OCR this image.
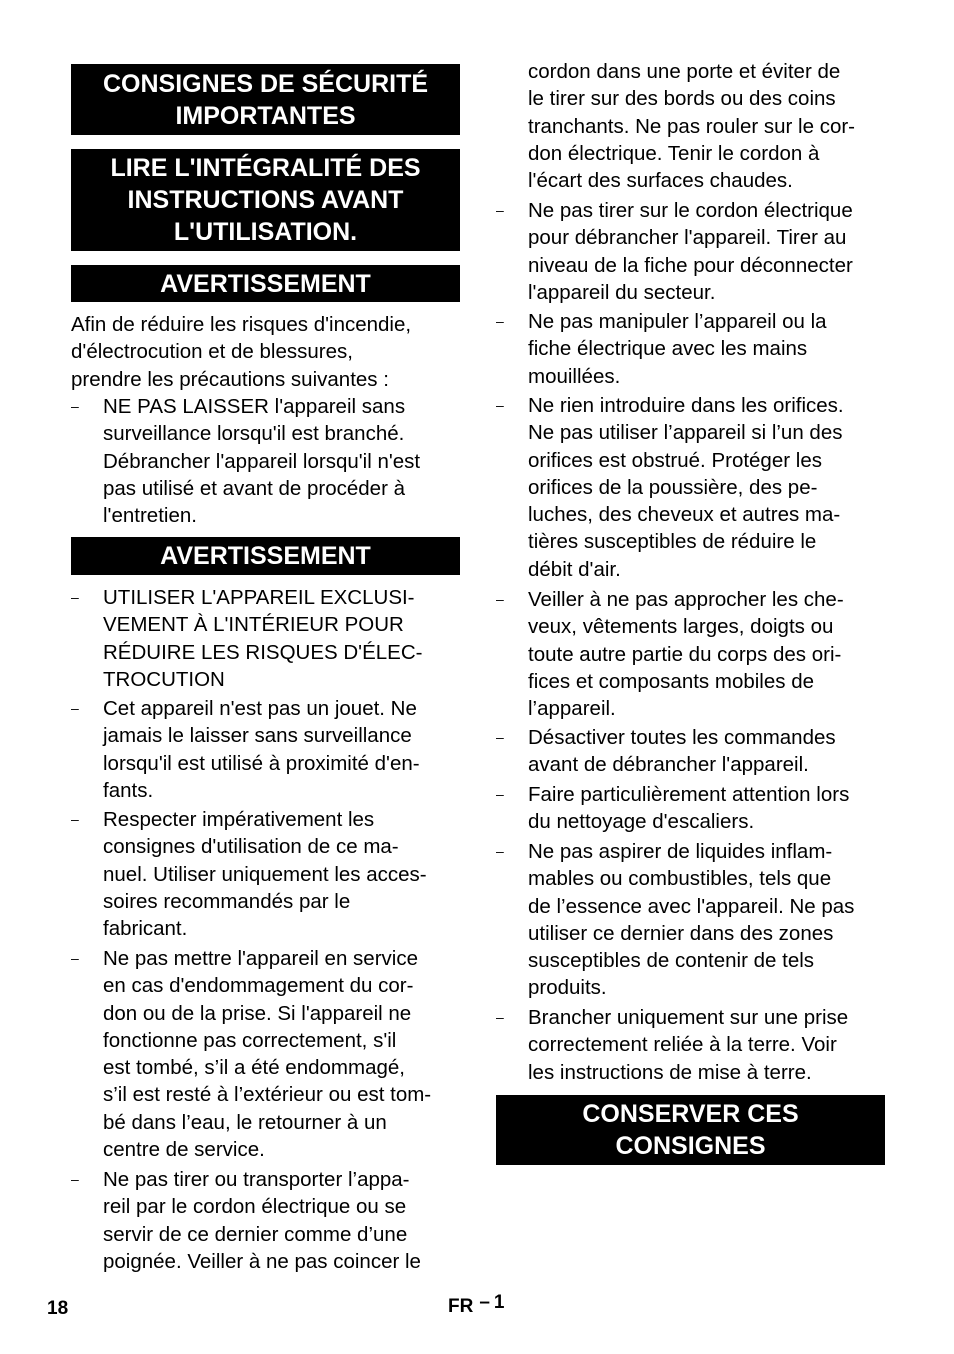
CONSIGNES DE SÉCURITÉ
IMPORTANTES
LIRE L'INTÉGRALITÉ DES
INSTRUCTIONS AVANT
L'UTILISATION.
AVERTISSEMENT
Afin de réduire les risques d'incendie,
d'électrocution et de blessures,
prendre les précautions suivantes :
–	NE PAS LAISSER l'appareil sans
surveillance lorsqu'il est branché.
Débrancher l'appareil lorsqu'il n'est
pas utilisé et avant de procéder à
l'entretien.
AVERTISSEMENT
–	UTILISER L'APPAREIL EXCLUSI-
VEMENT À L'INTÉRIEUR POUR
RÉDUIRE LES RISQUES D'ÉLEC-
TROCUTION
–	Cet appareil n'est pas un jouet. Ne
jamais le laisser sans surveillance
lorsqu'il est utilisé à proximité d'en-
fants.
–	Respecter impérativement les
consignes d'utilisation de ce ma-
nuel. Utiliser uniquement les acces-
soires recommandés par le
fabricant.
–	Ne pas mettre l'appareil en service
en cas d'endommagement du cor-
don ou de la prise. Si l'appareil ne
fonctionne pas correctement, s'il
est tombé, s’il a été endommagé,
s’il est resté à l’extérieur ou est tom-
bé dans l’eau, le retourner à un
centre de service.
–	Ne pas tirer ou transporter l’appa-
reil par le cordon électrique ou se
servir de ce dernier comme d’une
poignée. Veiller à ne pas coincer le
cordon dans une porte et éviter de
le tirer sur des bords ou des coins
tranchants. Ne pas rouler sur le cor-
don électrique. Tenir le cordon à
l'écart des surfaces chaudes.
–	Ne pas tirer sur le cordon électrique
pour débrancher l'appareil. Tirer au
niveau de la fiche pour déconnecter
l'appareil du secteur.
–	Ne pas manipuler l’appareil ou la
fiche électrique avec les mains
mouillées.
–	Ne rien introduire dans les orifices.
Ne pas utiliser l’appareil si l’un des
orifices est obstrué. Protéger les
orifices de la poussière, des pe-
luches, des cheveux et autres ma-
tières susceptibles de réduire le
débit d'air.
–	Veiller à ne pas approcher les che-
veux, vêtements larges, doigts ou
toute autre partie du corps des ori-
fices et composants mobiles de
l’appareil.
–	Désactiver toutes les commandes
avant de débrancher l'appareil.
–	Faire particulièrement attention lors
du nettoyage d'escaliers.
–	Ne pas aspirer de liquides inflam-
mables ou combustibles, tels que
de l’essence avec l'appareil. Ne pas
utiliser ce dernier dans des zones
susceptibles de contenir de tels
produits.
–	Brancher uniquement sur une prise
correctement reliée à la terre. Voir
les instructions de mise à terre.
CONSERVER CES
CONSIGNES
18	FR – 1
